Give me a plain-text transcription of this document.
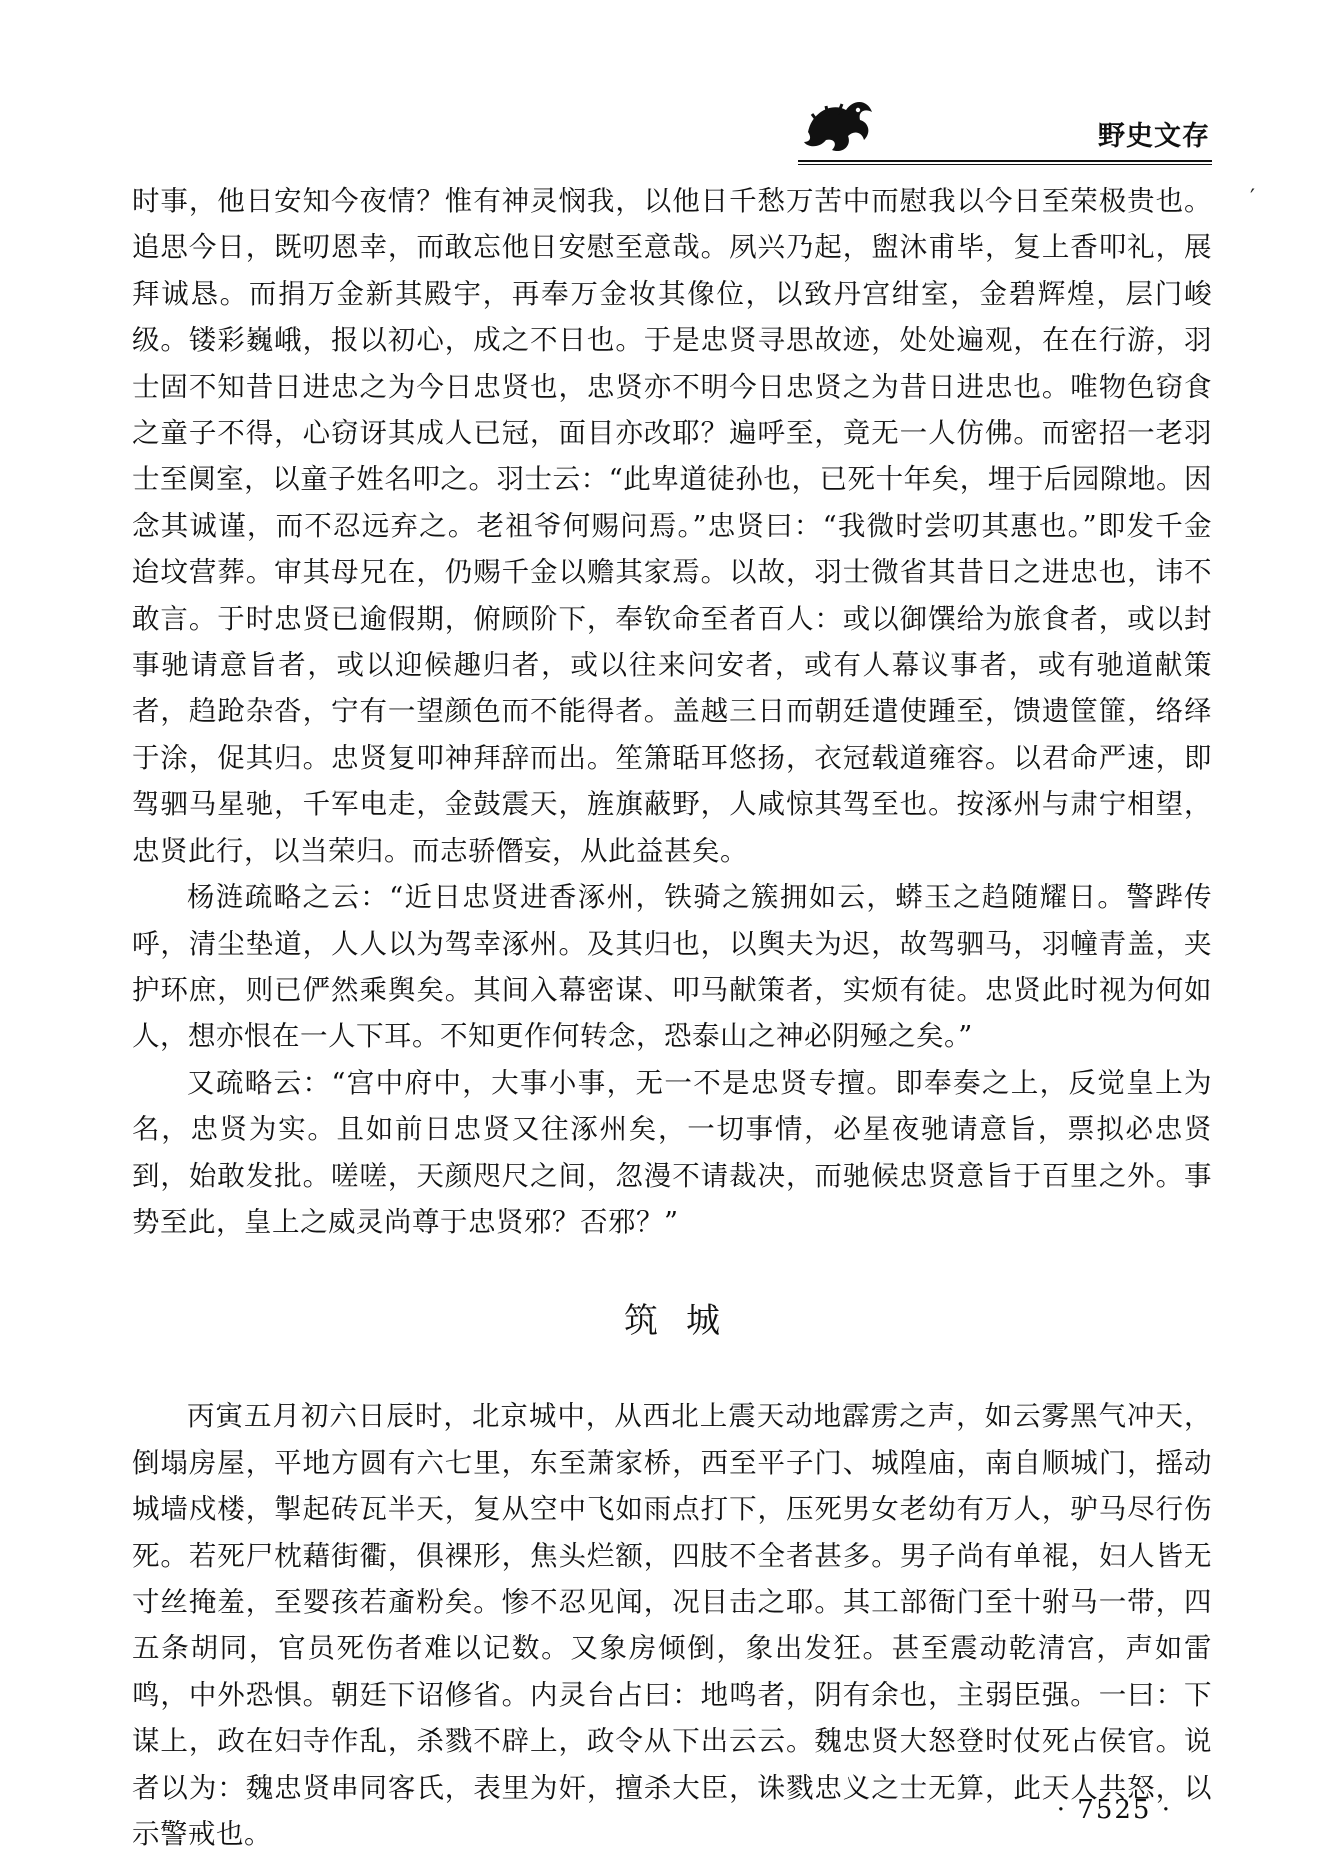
野史文存
′

时事，他日安知今夜情？惟有神灵悯我，以他日千愁万苦中而慰我以今日至荣极贵也。追思今日，既叨恩幸，而敢忘他日安慰至意哉。夙兴乃起，盥沐甫毕，复上香叩礼，展拜诚恳。而捐万金新其殿宇，再奉万金妆其像位，以致丹宫绀室，金碧辉煌，层门峻级。镂彩巍峨，报以初心，成之不日也。于是忠贤寻思故迹，处处遍观，在在行游，羽士固不知昔日进忠之为今日忠贤也，忠贤亦不明今日忠贤之为昔日进忠也。唯物色窃食之童子不得，心窃讶其成人已冠，面目亦改耶？遍呼至，竟无一人仿佛。而密招一老羽士至阒室，以童子姓名叩之。羽士云：“此卑道徒孙也，已死十年矣，埋于后园隙地。因念其诚谨，而不忍远弃之。老祖爷何赐问焉。”忠贤曰：“我微时尝叨其惠也。”即发千金迨坟营葬。审其母兄在，仍赐千金以赡其家焉。以故，羽士微省其昔日之进忠也，讳不敢言。于时忠贤已逾假期，俯顾阶下，奉钦命至者百人：或以御馔给为旅食者，或以封事驰请意旨者，或以迎候趣归者，或以往来问安者，或有人幕议事者，或有驰道献策者，趋跄杂沓，宁有一望颜色而不能得者。盖越三日而朝廷遣使踵至，馈遗筐篚，络绎于涂，促其归。忠贤复叩神拜辞而出。笙箫聒耳悠扬，衣冠载道雍容。以君命严速，即驾驷马星驰，千军电走，金鼓震天，旌旗蔽野，人咸惊其驾至也。按涿州与肃宁相望，忠贤此行，以当荣归。而志骄僭妄，从此益甚矣。

杨涟疏略之云：“近日忠贤进香涿州，铁骑之簇拥如云，蟒玉之趋随耀日。警跸传呼，清尘垫道，人人以为驾幸涿州。及其归也，以舆夫为迟，故驾驷马，羽幢青盖，夹护环庶，则已俨然乘舆矣。其间入幕密谋、叩马献策者，实烦有徒。忠贤此时视为何如人，想亦恨在一人下耳。不知更作何转念，恐泰山之神必阴殛之矣。”

又疏略云：“宫中府中，大事小事，无一不是忠贤专擅。即奉奏之上，反觉皇上为名，忠贤为实。且如前日忠贤又往涿州矣，一切事情，必星夜驰请意旨，票拟必忠贤到，始敢发批。嗟嗟，天颜咫尺之间，忽漫不请裁决，而驰候忠贤意旨于百里之外。事势至此，皇上之威灵尚尊于忠贤邪？否邪？”

筑城

丙寅五月初六日辰时，北京城中，从西北上震天动地霹雳之声，如云雾黑气冲天，倒塌房屋，平地方圆有六七里，东至萧家桥，西至平子门、城隍庙，南自顺城门，摇动城墙戍楼，掣起砖瓦半天，复从空中飞如雨点打下，压死男女老幼有万人，驴马尽行伤死。若死尸枕藉街衢，俱裸形，焦头烂额，四肢不全者甚多。男子尚有单裩，妇人皆无寸丝掩羞，至婴孩若齑粉矣。惨不忍见闻，况目击之耶。其工部衙门至十驸马一带，四五条胡同，官员死伤者难以记数。又象房倾倒，象出发狂。甚至震动乾清宫，声如雷鸣，中外恐惧。朝廷下诏修省。内灵台占曰：地鸣者，阴有余也，主弱臣强。一曰：下谋上，政在妇寺作乱，杀戮不辟上，政令从下出云云。魏忠贤大怒登时仗死占侯官。说者以为：魏忠贤串同客氏，表里为奸，擅杀大臣，诛戮忠义之士无算，此天人共怒，以示警戒也。

· 7525 ·
